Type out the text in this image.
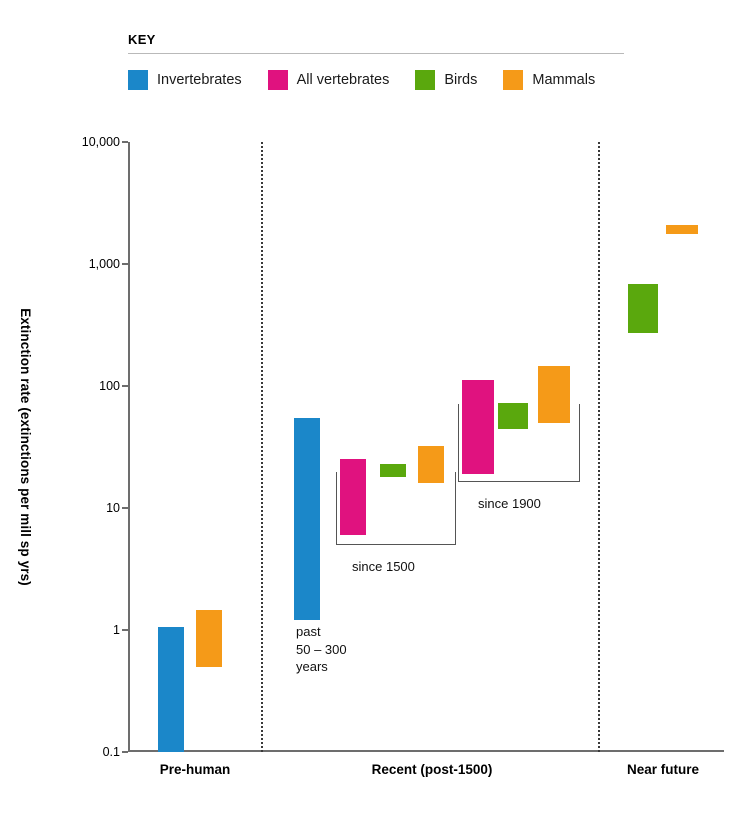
KEY
Invertebrates	All vertebrates	Birds	Mammals
Extinction rate (extinctions per mill sp yrs)
0.1
1
10
100
1,000
10,000
Pre-human	Recent (post-1500)	Near future
past
50 – 300
years
since 1500
since 1900
